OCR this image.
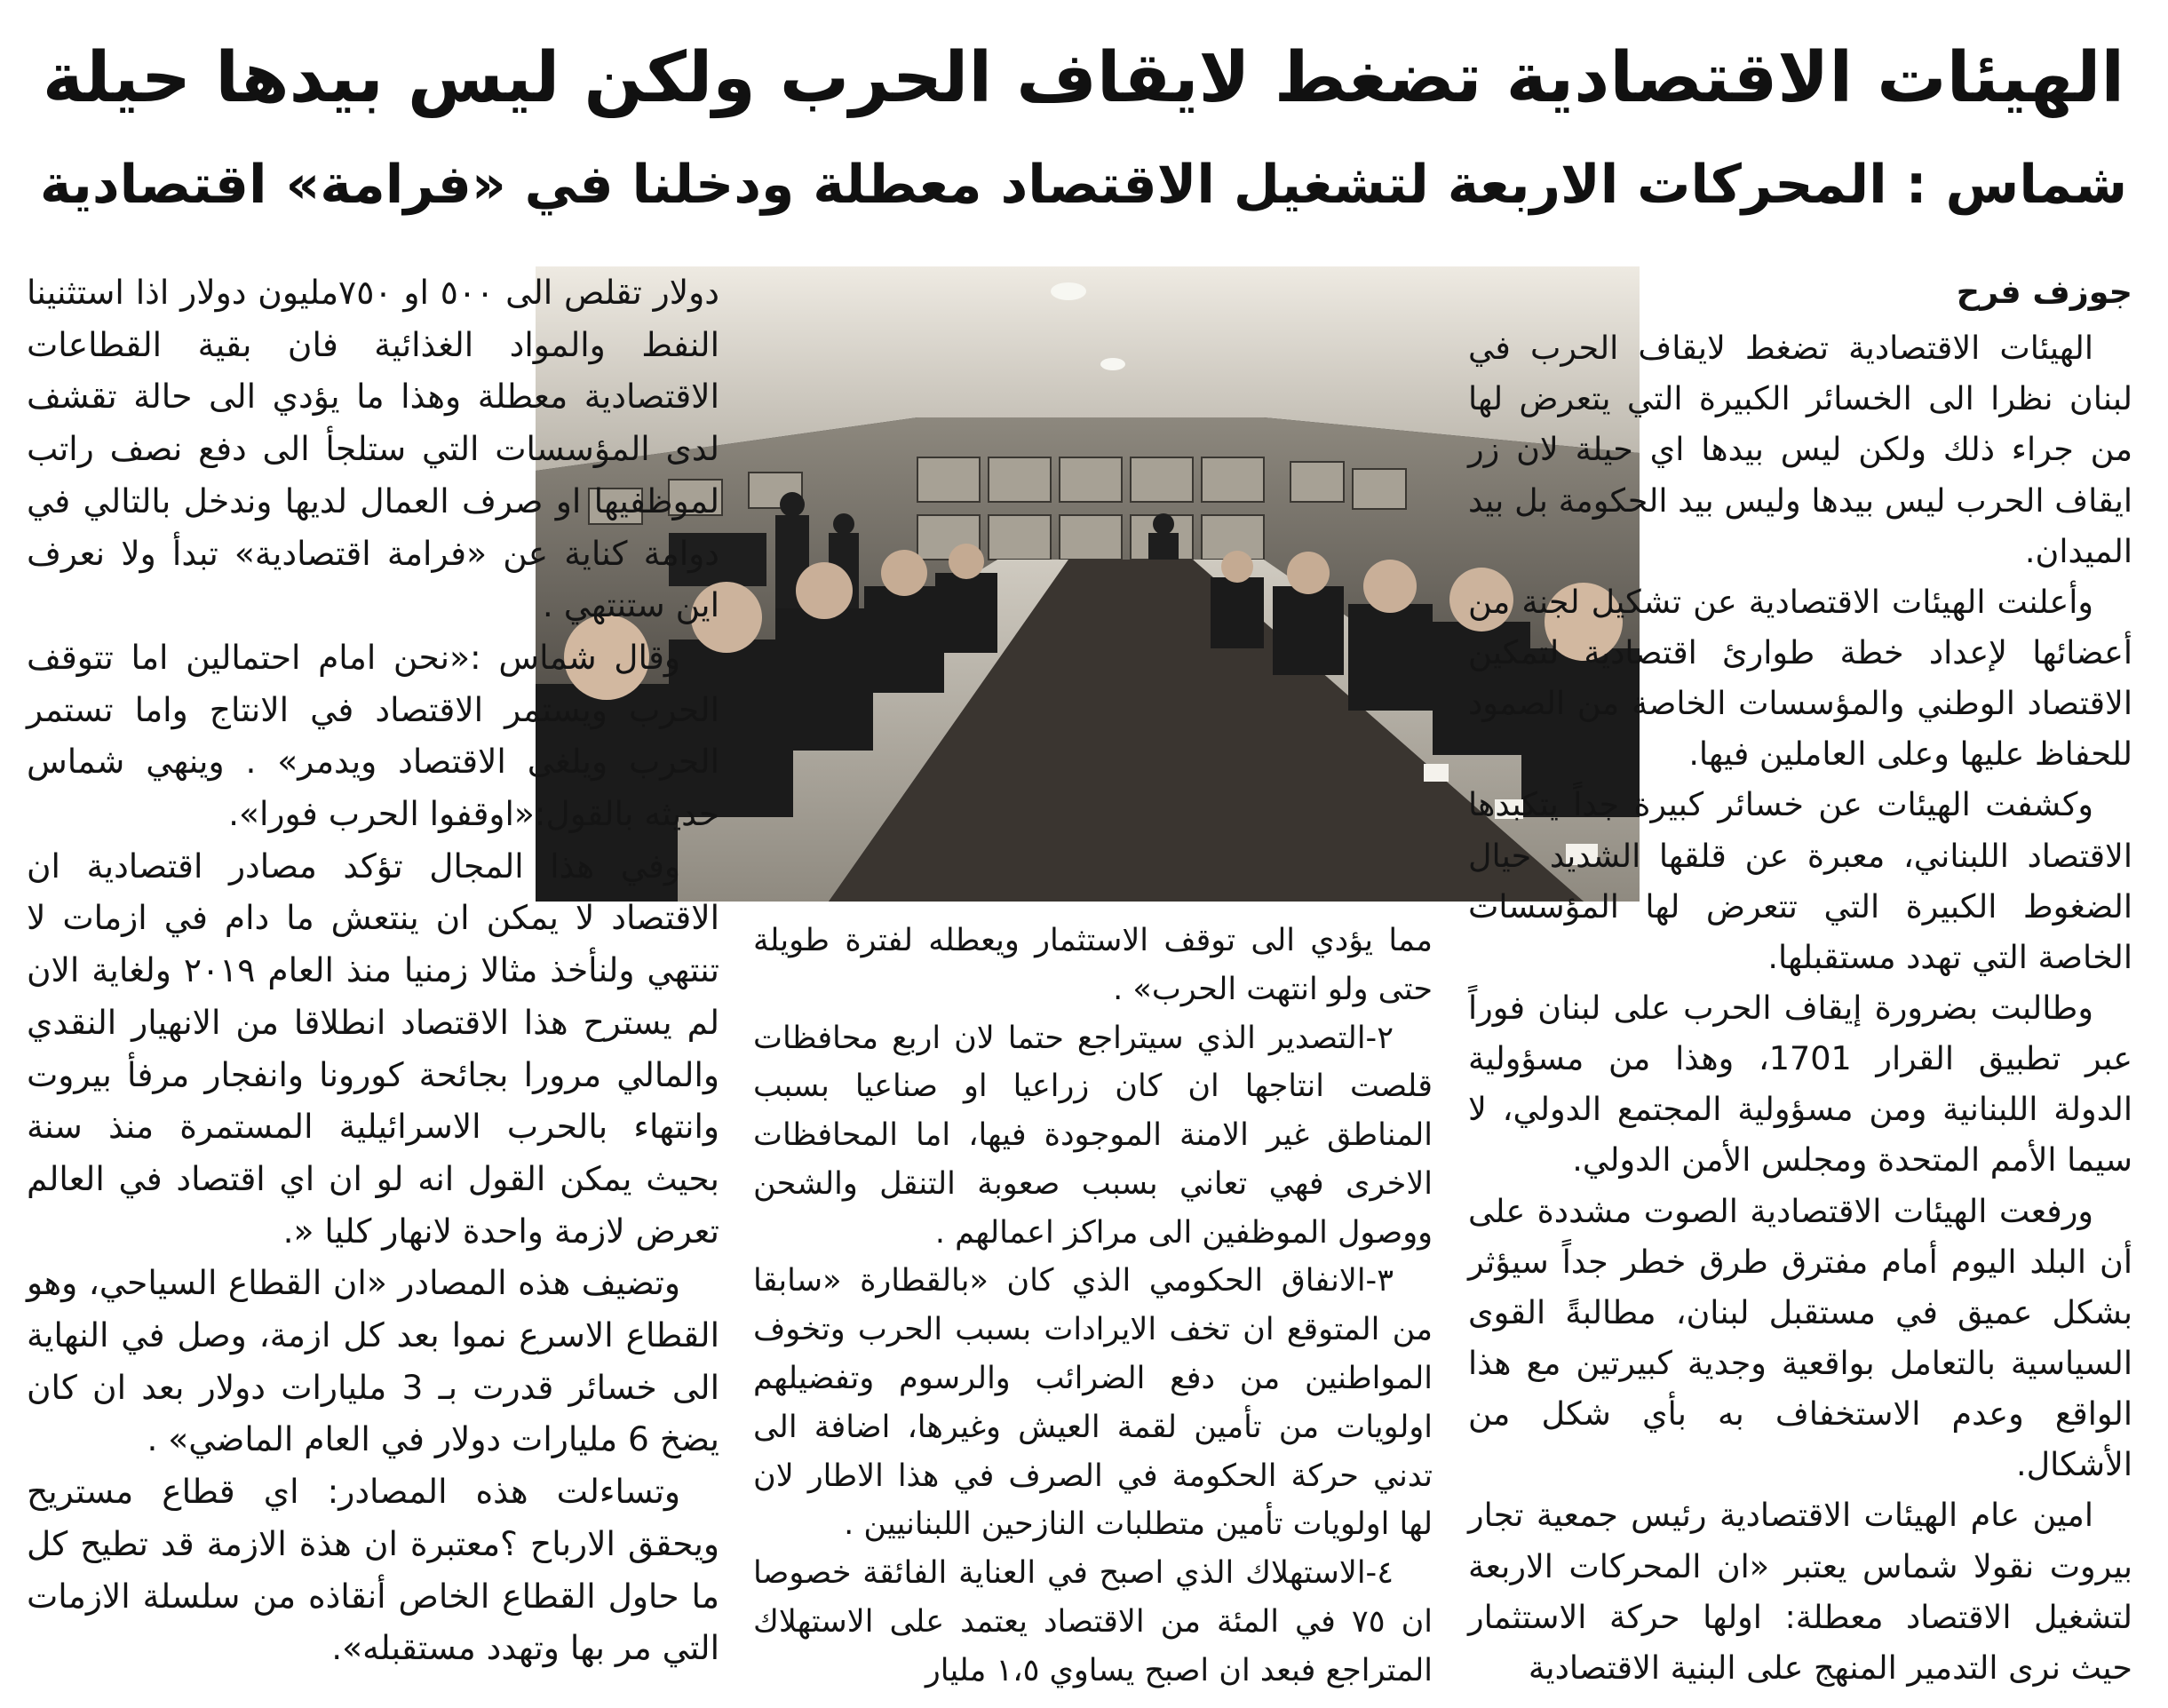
الهيئات الاقتصادية تضغط لايقاف الحرب ولكن ليس بيدها حيلة
شماس : المحركات الاربعة لتشغيل الاقتصاد معطلة ودخلنا في «فرامة» اقتصادية

جوزف فرح

الهيئات الاقتصادية تضغط لايقاف الحرب في لبنان نظرا الى الخسائر الكبيرة التي يتعرض لها من جراء ذلك ولكن ليس بيدها اي حيلة لان زر ايقاف الحرب ليس بيدها وليس بيد الحكومة بل بيد الميدان.

وأعلنت الهيئات الاقتصادية عن تشكيل لجنة من أعضائها لإعداد خطة طوارئ اقتصادية لتمكين الاقتصاد الوطني والمؤسسات الخاصة من الصمود للحفاظ عليها وعلى العاملين فيها.

وكشفت الهيئات عن خسائر كبيرة جداً يتكبدها الاقتصاد اللبناني، معبرة عن قلقها الشديد حيال الضغوط الكبيرة التي تتعرض لها المؤسسات الخاصة التي تهدد مستقبلها.

وطالبت بضرورة إيقاف الحرب على لبنان فوراً عبر تطبيق القرار 1701، وهذا من مسؤولية الدولة اللبنانية ومن مسؤولية المجتمع الدولي، لا سيما الأمم المتحدة ومجلس الأمن الدولي.

ورفعت الهيئات الاقتصادية الصوت مشددة على أن البلد اليوم أمام مفترق طرق خطر جداً سيؤثر بشكل عميق في مستقبل لبنان، مطالبةً القوى السياسية بالتعامل بواقعية وجدية كبيرتين مع هذا الواقع وعدم الاستخفاف به بأي شكل من الأشكال.

امين عام الهيئات الاقتصادية رئيس جمعية تجار بيروت نقولا شماس يعتبر «ان المحركات الاربعة لتشغيل الاقتصاد معطلة: اولها حركة الاستثمار حيث نرى التدمير المنهج على البنية الاقتصادية

مما يؤدي الى توقف الاستثمار ويعطله لفترة طويلة حتى ولو انتهت الحرب» .

٢-التصدير الذي سيتراجع حتما لان اربع محافظات قلصت انتاجها ان كان زراعيا او صناعيا بسبب المناطق غير الامنة الموجودة فيها، اما المحافظات الاخرى فهي تعاني بسبب صعوبة التنقل والشحن ووصول الموظفين الى مراكز اعمالهم .

٣-الانفاق الحكومي الذي كان «بالقطارة «سابقا من المتوقع ان تخف الايرادات بسبب الحرب وتخوف المواطنين من دفع الضرائب والرسوم وتفضيلهم اولويات من تأمين لقمة العيش وغيرها، اضافة الى تدني حركة الحكومة في الصرف في هذا الاطار لان لها اولويات تأمين متطلبات النازحين اللبنانيين .

٤-الاستهلاك الذي اصبح في العناية الفائقة خصوصا ان ٧٥ في المئة من الاقتصاد يعتمد على الاستهلاك المتراجع فبعد ان اصبح يساوي ١،٥ مليار

دولار تقلص الى ٥٠٠ او ٧٥٠مليون دولار اذا استثنينا النفط والمواد الغذائية فان بقية القطاعات الاقتصادية معطلة وهذا ما يؤدي الى حالة تقشف لدى المؤسسات التي ستلجأ الى دفع نصف راتب لموظفيها او صرف العمال لديها وندخل بالتالي في دوامة كناية عن «فرامة اقتصادية» تبدأ ولا نعرف اين ستنتهي .

وقال شماس :«نحن امام احتمالين اما تتوقف الحرب ويستمر الاقتصاد في الانتاج واما تستمر الحرب ويلغى الاقتصاد ويدمر» . وينهي شماس حديثه بالقول:«اوقفوا الحرب فورا».

وفي هذا المجال تؤكد مصادر اقتصادية ان الاقتصاد لا يمكن ان ينتعش ما دام في ازمات لا تنتهي ولنأخذ مثالا زمنيا منذ العام ٢٠١٩ ولغاية الان لم يسترح هذا الاقتصاد انطلاقا من الانهيار النقدي والمالي مرورا بجائحة كورونا وانفجار مرفأ بيروت وانتهاء بالحرب الاسرائيلية المستمرة منذ سنة بحيث يمكن القول انه لو ان اي اقتصاد في العالم تعرض لازمة واحدة لانهار كليا «.

وتضيف هذه المصادر «ان القطاع السياحي، وهو القطاع الاسرع نموا بعد كل ازمة، وصل في النهاية الى خسائر قدرت بـ 3 مليارات دولار بعد ان كان يضخ 6 مليارات دولار في العام الماضي» .

وتساءلت هذه المصادر: اي قطاع مستريح ويحقق الارباح ؟معتبرة ان هذة الازمة قد تطيح كل ما حاول القطاع الخاص أنقاذه من سلسلة الازمات التي مر بها وتهدد مستقبله».
